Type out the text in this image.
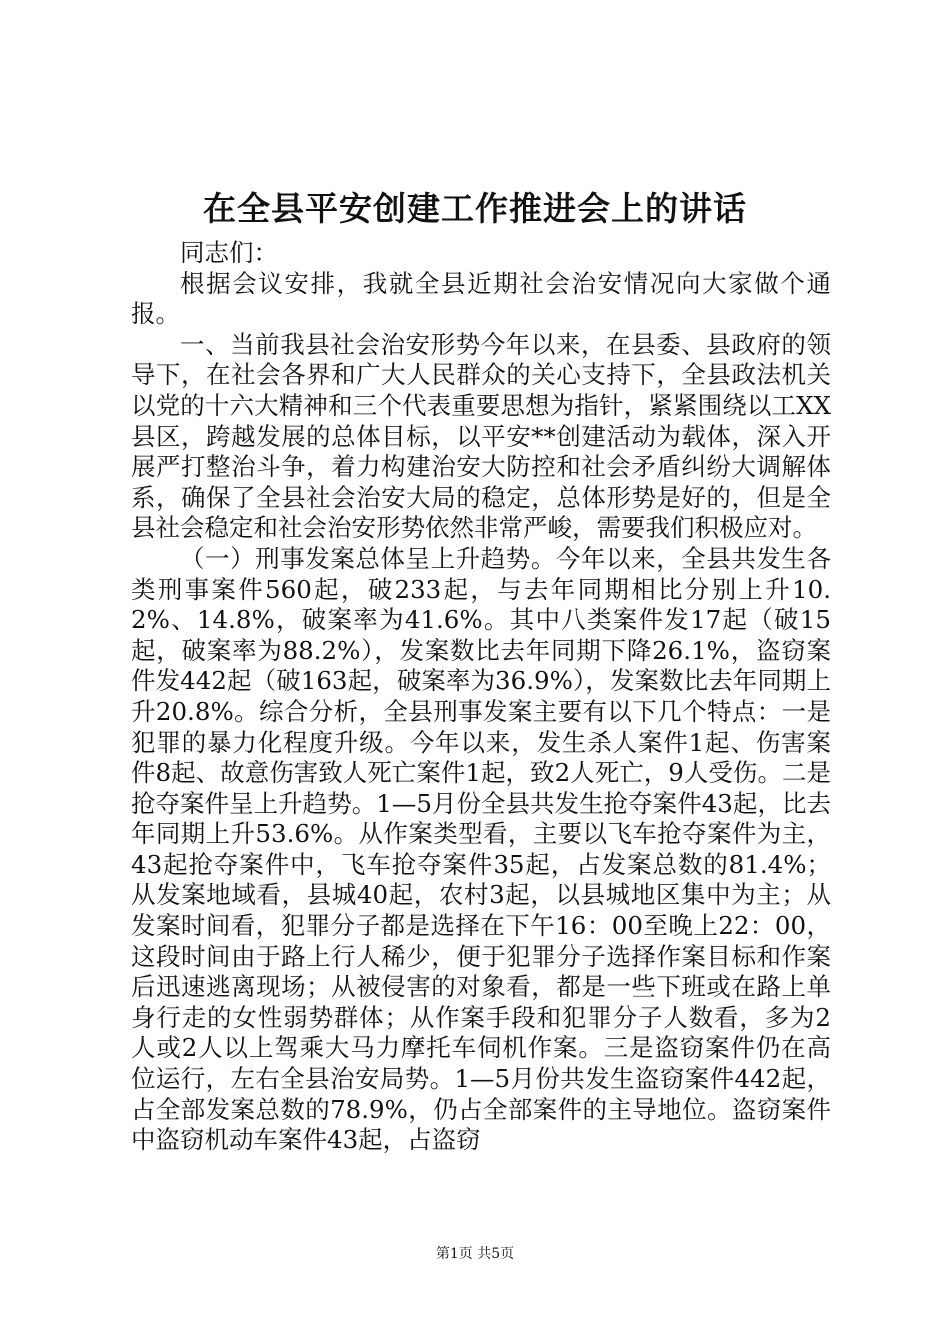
在全县平安创建工作推进会上的讲话

同志们：

根据会议安排，我就全县近期社会治安情况向大家做个通报。

一、当前我县社会治安形势今年以来，在县委、县政府的领导下，在社会各界和广大人民群众的关心支持下，全县政法机关以党的十六大精神和三个代表重要思想为指针，紧紧围绕以工XX县区，跨越发展的总体目标，以平安**创建活动为载体，深入开展严打整治斗争，着力构建治安大防控和社会矛盾纠纷大调解体系，确保了全县社会治安大局的稳定，总体形势是好的，但是全县社会稳定和社会治安形势依然非常严峻，需要我们积极应对。

（一）刑事发案总体呈上升趋势。今年以来，全县共发生各类刑事案件560起，破233起，与去年同期相比分别上升10.2%、14.8%，破案率为41.6%。其中八类案件发17起（破15起，破案率为88.2%），发案数比去年同期下降26.1%，盗窃案件发442起（破163起，破案率为36.9%），发案数比去年同期上升20.8%。综合分析，全县刑事发案主要有以下几个特点：一是犯罪的暴力化程度升级。今年以来，发生杀人案件1起、伤害案件8起、故意伤害致人死亡案件1起，致2人死亡，9人受伤。二是抢夺案件呈上升趋势。1—5月份全县共发生抢夺案件43起，比去年同期上升53.6%。从作案类型看，主要以飞车抢夺案件为主，43起抢夺案件中，飞车抢夺案件35起，占发案总数的81.4%；从发案地域看，县城40起，农村3起，以县城地区集中为主；从发案时间看，犯罪分子都是选择在下午16：00至晚上22：00，这段时间由于路上行人稀少，便于犯罪分子选择作案目标和作案后迅速逃离现场；从被侵害的对象看，都是一些下班或在路上单身行走的女性弱势群体；从作案手段和犯罪分子人数看，多为2人或2人以上驾乘大马力摩托车伺机作案。三是盗窃案件仍在高位运行，左右全县治安局势。1—5月份共发生盗窃案件442起，占全部发案总数的78.9%，仍占全部案件的主导地位。盗窃案件中盗窃机动车案件43起，占盗窃

第1页 共5页
